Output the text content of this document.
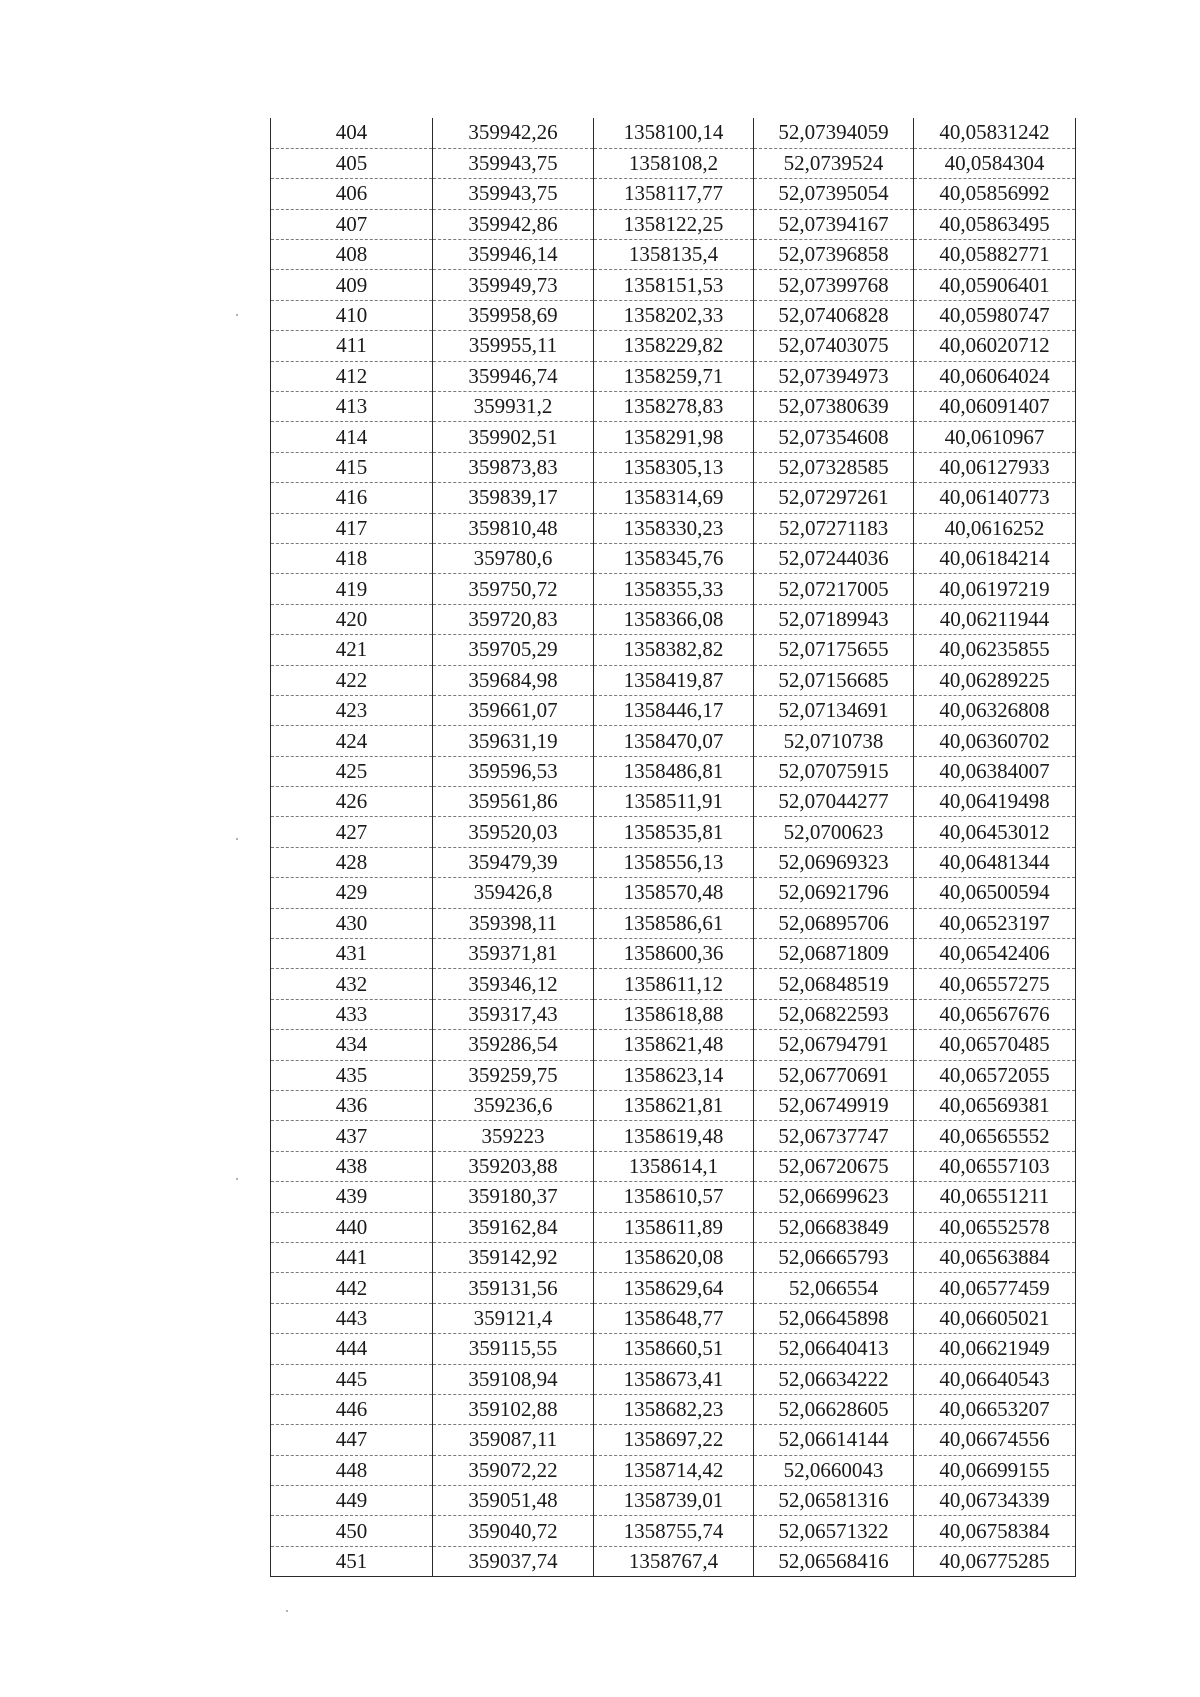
404	359942,26	1358100,14	52,07394059	40,05831242
405	359943,75	1358108,2	52,0739524	40,0584304
406	359943,75	1358117,77	52,07395054	40,05856992
407	359942,86	1358122,25	52,07394167	40,05863495
408	359946,14	1358135,4	52,07396858	40,05882771
409	359949,73	1358151,53	52,07399768	40,05906401
410	359958,69	1358202,33	52,07406828	40,05980747
411	359955,11	1358229,82	52,07403075	40,06020712
412	359946,74	1358259,71	52,07394973	40,06064024
413	359931,2	1358278,83	52,07380639	40,06091407
414	359902,51	1358291,98	52,07354608	40,0610967
415	359873,83	1358305,13	52,07328585	40,06127933
416	359839,17	1358314,69	52,07297261	40,06140773
417	359810,48	1358330,23	52,07271183	40,0616252
418	359780,6	1358345,76	52,07244036	40,06184214
419	359750,72	1358355,33	52,07217005	40,06197219
420	359720,83	1358366,08	52,07189943	40,06211944
421	359705,29	1358382,82	52,07175655	40,06235855
422	359684,98	1358419,87	52,07156685	40,06289225
423	359661,07	1358446,17	52,07134691	40,06326808
424	359631,19	1358470,07	52,0710738	40,06360702
425	359596,53	1358486,81	52,07075915	40,06384007
426	359561,86	1358511,91	52,07044277	40,06419498
427	359520,03	1358535,81	52,0700623	40,06453012
428	359479,39	1358556,13	52,06969323	40,06481344
429	359426,8	1358570,48	52,06921796	40,06500594
430	359398,11	1358586,61	52,06895706	40,06523197
431	359371,81	1358600,36	52,06871809	40,06542406
432	359346,12	1358611,12	52,06848519	40,06557275
433	359317,43	1358618,88	52,06822593	40,06567676
434	359286,54	1358621,48	52,06794791	40,06570485
435	359259,75	1358623,14	52,06770691	40,06572055
436	359236,6	1358621,81	52,06749919	40,06569381
437	359223	1358619,48	52,06737747	40,06565552
438	359203,88	1358614,1	52,06720675	40,06557103
439	359180,37	1358610,57	52,06699623	40,06551211
440	359162,84	1358611,89	52,06683849	40,06552578
441	359142,92	1358620,08	52,06665793	40,06563884
442	359131,56	1358629,64	52,066554	40,06577459
443	359121,4	1358648,77	52,06645898	40,06605021
444	359115,55	1358660,51	52,06640413	40,06621949
445	359108,94	1358673,41	52,06634222	40,06640543
446	359102,88	1358682,23	52,06628605	40,06653207
447	359087,11	1358697,22	52,06614144	40,06674556
448	359072,22	1358714,42	52,0660043	40,06699155
449	359051,48	1358739,01	52,06581316	40,06734339
450	359040,72	1358755,74	52,06571322	40,06758384
451	359037,74	1358767,4	52,06568416	40,06775285
